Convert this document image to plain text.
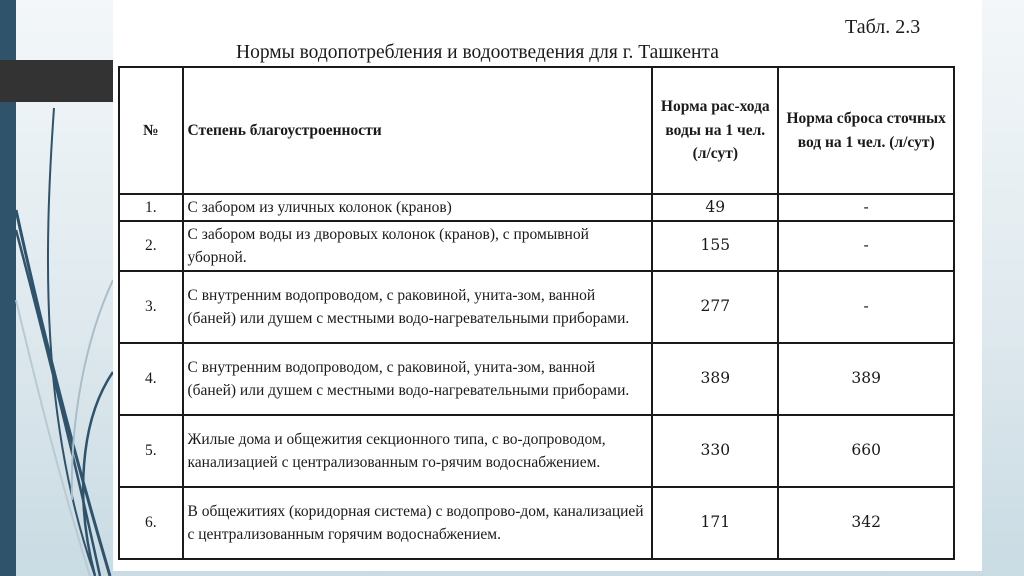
Табл. 2.3
Нормы водопотребления и водоотведения для г. Ташкента
№	Степень благоустроенности	Норма рас-хода воды на 1 чел. (л/сут)	Норма сброса сточных вод на 1 чел. (л/сут)
1.	С забором из уличных колонок (кранов)	49	-
2.	С забором воды из дворовых колонок (кранов), с промывной уборной.	155	-
3.	С внутренним водопроводом, с раковиной, унита-зом, ванной (баней) или душем с местными водо-нагревательными приборами.	277	-
4.	С внутренним водопроводом, с раковиной, унита-зом, ванной (баней) или душем с местными водо-нагревательными приборами.	389	389
5.	Жилые дома и общежития секционного типа, с во-допроводом, канализацией с централизованным го-рячим водоснабжением.	330	660
6.	В общежитиях (коридорная система) с водопрово-дом, канализацией с централизованным горячим водоснабжением.	171	342
